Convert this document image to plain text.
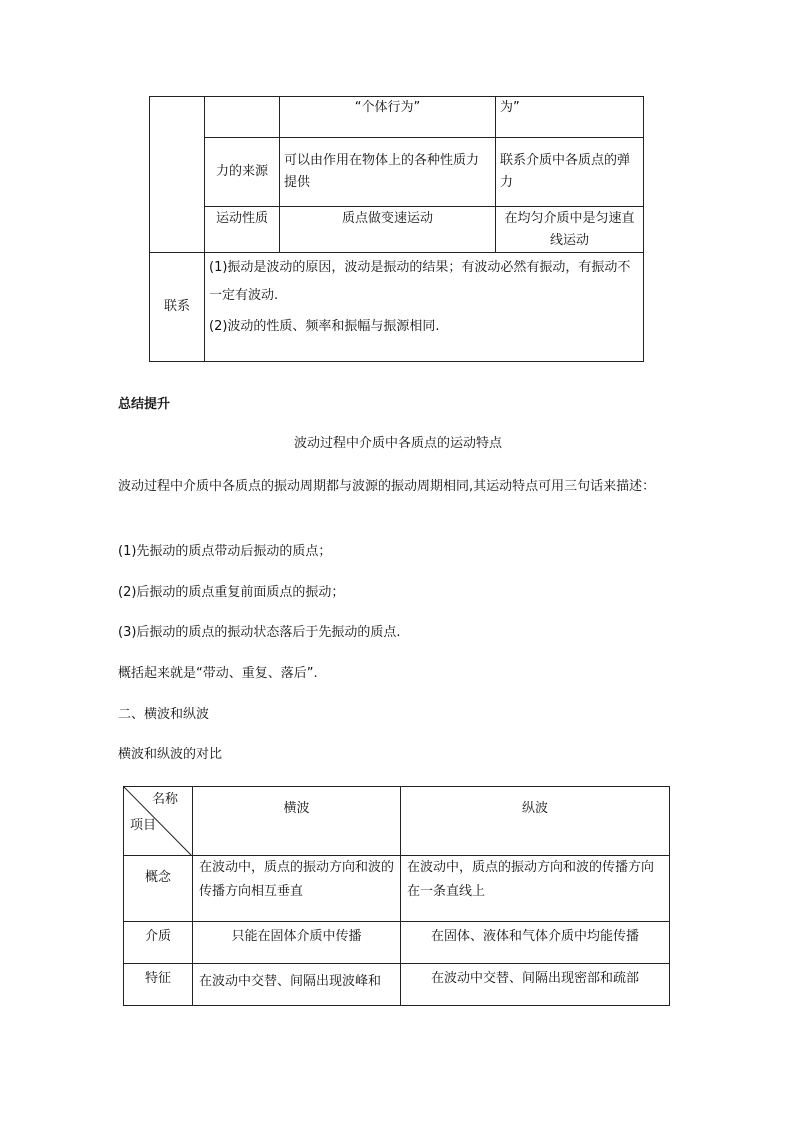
		“个体行为”	为”
	力的来源	可以由作用在物体上的各种性质力提供	联系介质中各质点的弹力
	运动性质	质点做变速运动	在均匀介质中是匀速直线运动
联系	(1)振动是波动的原因，波动是振动的结果；有波动必然有振动，有振动不一定有波动.
(2)波动的性质、频率和振幅与振源相同.		
总结提升
波动过程中介质中各质点的运动特点
波动过程中介质中各质点的振动周期都与波源的振动周期相同,其运动特点可用三句话来描述：
(1)先振动的质点带动后振动的质点；
(2)后振动的质点重复前面质点的振动；
(3)后振动的质点的振动状态落后于先振动的质点.
概括起来就是“带动、重复、落后”.
二、横波和纵波
横波和纵波的对比
名称
项目	横波	纵波
概念	在波动中，质点的振动方向和波的传播方向相互垂直	在波动中，质点的振动方向和波的传播方向在一条直线上
介质	只能在固体介质中传播	在固体、液体和气体介质中均能传播
特征	在波动中交替、间隔出现波峰和	在波动中交替、间隔出现密部和疏部
